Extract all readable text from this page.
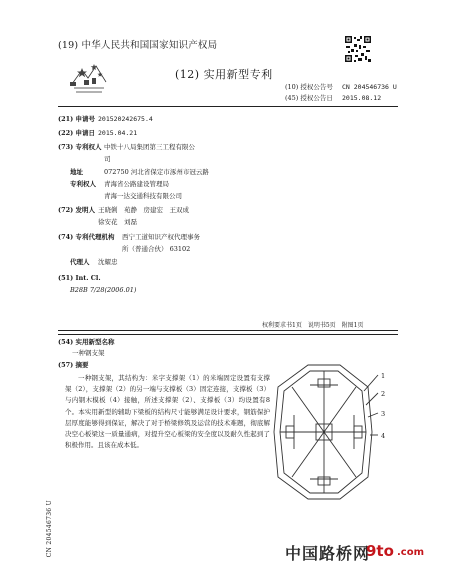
(19) 中华人民共和国国家知识产权局
(12) 实用新型专利
(10) 授权公告号 CN 204546736 U
(45) 授权公告日 2015.08.12
(21) 申请号 201520242675.4
(22) 申请日 2015.04.21
(73) 专利权人 中铁十八局集团第三工程有限公
司
地址	072750 河北省保定市涿州市冠云路
专利权人 青海省公路建设管理局
青海一达交通科技有限公司
(72) 发明人 王晓俐　苑静　房建宏　王双成
徐安花　刘磊
(74) 专利代理机构 西宁工道知识产权代理事务
所（普通合伙） 63102
代理人 沈耀忠
(51) Int. Cl.
B28B 7/28(2006.01)
权利要求书1页　说明书5页　附图1页
(54) 实用新型名称
一种钢支架
(57) 摘要
一种钢支架，其结构为：米字支撑架（1）的米端固定设置有支撑架（2），支撑架（2）的另一端与支撑板（3）固定连接，支撑板（3）与内钢木模板（4）接触，所述支撑架（2）、支撑板（3）均设置有8个。本实用新型的辅助下梁板的结构尺寸能够满足设计要求，钢筋保护层厚度能够得到保证，解决了对于桥梁修筑及运营的技术难题，彻底解决空心板梁这一质量通病，对提升空心板梁的安全度以及耐久性起到了积极作用。且该在成本低。
1
2
3
4
CN 204546736 U	中国路桥网
9to .com
